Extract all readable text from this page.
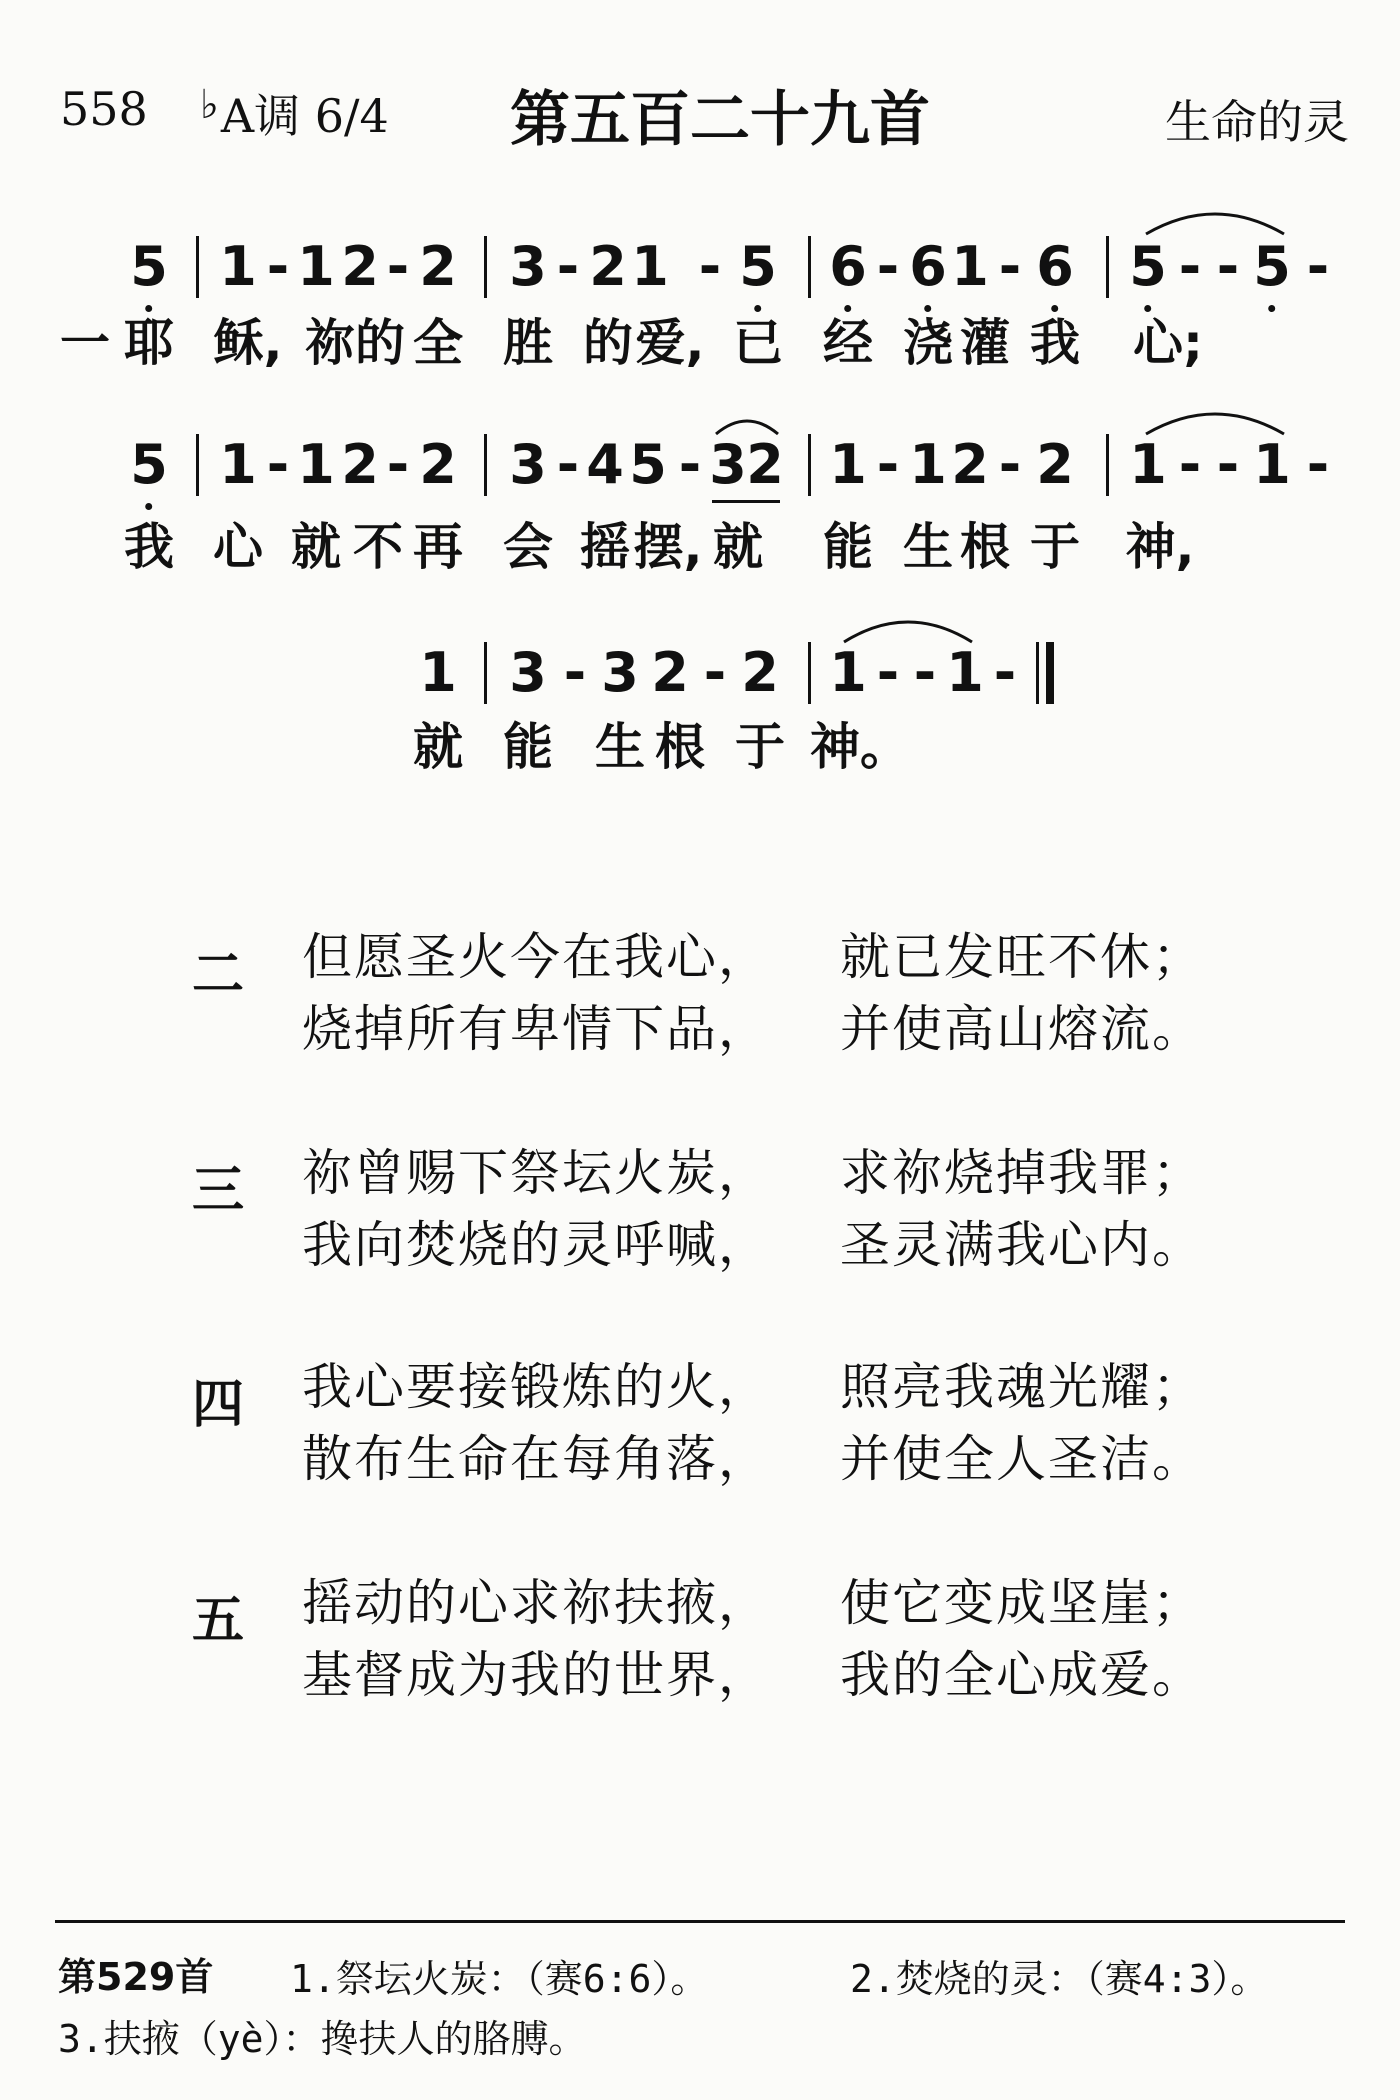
558 ♭A调 6/4 第五百二十九首	生命的灵
5 1 - 1 2 - 2 3 - 2 1 - 5 6 - 6 1 - 6 5 - - 5 -
一 耶 稣, 祢 的 全 胜 的 爱, 已 经 浇 灌 我 心;
5 1 - 1 2 - 2 3 - 4 5 - 3 2 1 - 1 2 - 2 1 - - 1 -
我 心 就 不 再 会 摇 摆, 就 能 生 根 于 神,
1 3 - 3 2 - 2 1 - - 1 -
就 能 生 根 于 神。
二 但愿圣火今在我心， 就已发旺不休；
烧掉所有卑情下品， 并使高山熔流。
三 祢曾赐下祭坛火炭， 求祢烧掉我罪；
我向焚烧的灵呼喊， 圣灵满我心内。
四 我心要接锻炼的火， 照亮我魂光耀；
散布生命在每角落， 并使全人圣洁。
五 摇动的心求祢扶掖， 使它变成坚崖；
基督成为我的世界， 我的全心成爱。
第529首 1.祭坛火炭：（赛6:6）。	2.焚烧的灵：（赛4:3）。
3.扶掖（yè）：搀扶人的胳膊。
